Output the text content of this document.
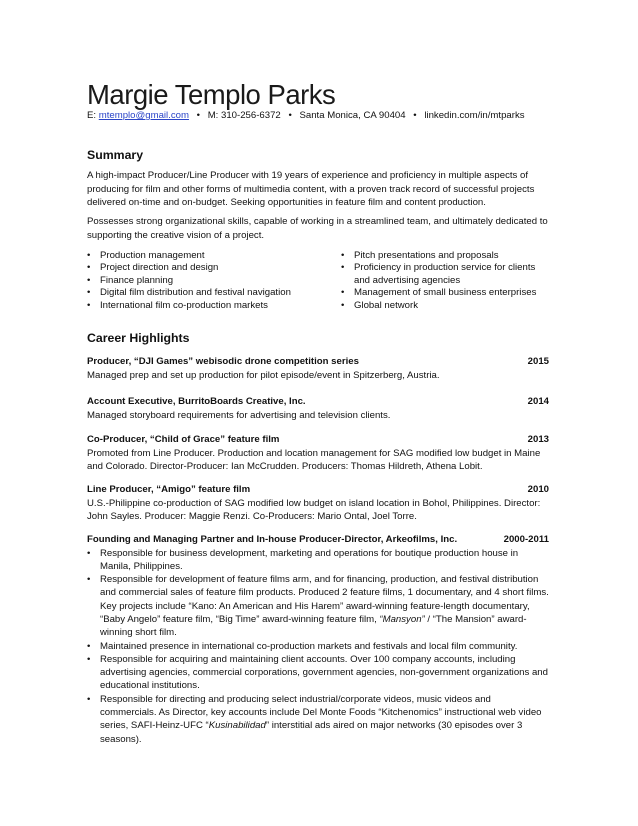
Margie Templo Parks
E: mtemplo@gmail.com • M: 310-256-6372 • Santa Monica, CA 90404 • linkedin.com/in/mtparks
Summary

A high-impact Producer/Line Producer with 19 years of experience and proficiency in multiple aspects of producing for film and other forms of multimedia content, with a proven track record of successful projects delivered on-time and on-budget. Seeking opportunities in feature film and content production.

Possesses strong organizational skills, capable of working in a streamlined team, and ultimately dedicated to supporting the creative vision of a project.

• Production management
• Project direction and design
• Finance planning
• Digital film distribution and festival navigation
• International film co-production markets
• Pitch presentations and proposals
• Proficiency in production service for clients and advertising agencies
• Management of small business enterprises
• Global network
Career Highlights
Producer, “DJI Games” webisodic drone competition series	2015
Managed prep and set up production for pilot episode/event in Spitzerberg, Austria.
Account Executive, BurritoBoards Creative, Inc.	2014
Managed storyboard requirements for advertising and television clients.
Co-Producer, “Child of Grace” feature film	2013
Promoted from Line Producer. Production and location management for SAG modified low budget in Maine and Colorado. Director-Producer: Ian McCrudden. Producers: Thomas Hildreth, Athena Lobit.
Line Producer, “Amigo” feature film	2010
U.S.-Philippine co-production of SAG modified low budget on island location in Bohol, Philippines. Director: John Sayles. Producer: Maggie Renzi. Co-Producers: Mario Ontal, Joel Torre.
Founding and Managing Partner and In-house Producer-Director, Arkeofilms, Inc.	2000-2011
• Responsible for business development, marketing and operations for boutique production house in Manila, Philippines.
• Responsible for development of feature films arm, and for financing, production, and festival distribution and commercial sales of feature film products. Produced 2 feature films, 1 documentary, and 4 short films. Key projects include “Kano: An American and His Harem” award-winning feature-length documentary, “Baby Angelo” feature film, “Big Time” award-winning feature film, “Mansyon” / “The Mansion” award-winning short film.
• Maintained presence in international co-production markets and festivals and local film community.
• Responsible for acquiring and maintaining client accounts. Over 100 company accounts, including advertising agencies, commercial corporations, government agencies, non-government organizations and educational institutions.
• Responsible for directing and producing select industrial/corporate videos, music videos and commercials. As Director, key accounts include Del Monte Foods “Kitchenomics” instructional web video series, SAFI-Heinz-UFC “Kusinabilidad” interstitial ads aired on major networks (30 episodes over 3 seasons).
